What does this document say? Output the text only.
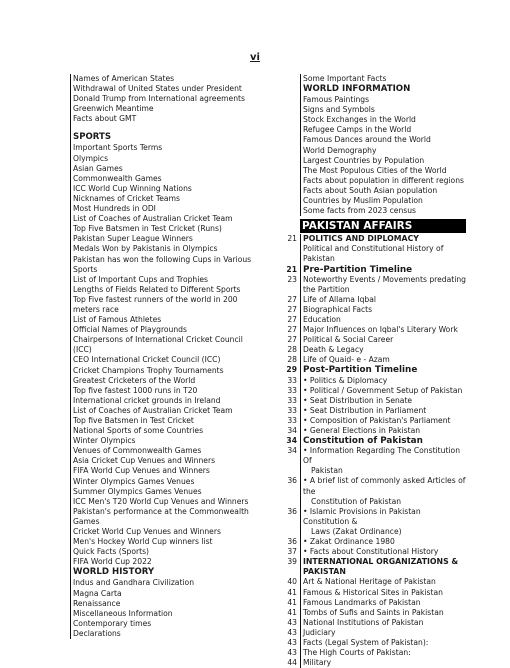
vi
Names of American States
Withdrawal of United States under President
Donald Trump from International agreements
Greenwich Meantime
Facts about GMT
SPORTS
Important Sports Terms
Olympics
Asian Games
Commonwealth Games
ICC World Cup Winning Nations
Nicknames of Cricket Teams
Most Hundreds in ODI
List of Coaches of Australian Cricket Team
Top Five Batsmen in Test Cricket (Runs)
Pakistan Super League Winners
Medals Won by Pakistanis in Olympics
Pakistan has won the following Cups in Various
Sports
List of Important Cups and Trophies
Lengths of Fields Related to Different Sports
Top Five fastest runners of the world in 200
meters race
List of Famous Athletes
Official Names of Playgrounds
Chairpersons of International Cricket Council
(ICC)
CEO International Cricket Council (ICC)
Cricket Champions Trophy Tournaments
Greatest Cricketers of the World
Top five fastest 1000 runs in T20
International cricket grounds in Ireland
List of Coaches of Australian Cricket Team
Top five Batsmen in Test Cricket
National Sports of some Countries
Winter Olympics
Venues of Commonwealth Games
Asia Cricket Cup Venues and Winners
FIFA World Cup Venues and Winners
Winter Olympics Games Venues
Summer Olympics Games Venues
ICC Men's T20 World Cup Venues and Winners
Pakistan's performance at the Commonwealth
Games
Cricket World Cup Venues and Winners
Men's Hockey World Cup winners list
Quick Facts (Sports)
FIFA World Cup 2022
WORLD HISTORY
Indus and Gandhara Civilization
Magna Carta
Renaissance
Miscellaneous Information
Contemporary times
Declarations
Some Important Facts
WORLD INFORMATION
Famous Paintings
Signs and Symbols
Stock Exchanges in the World
Refugee Camps in the World
Famous Dances around the World
World Demography
Largest Countries by Population
The Most Populous Cities of the World
Facts about population in different regions
Facts about South Asian population
Countries by Muslim Population
Some facts from 2023 census
PAKISTAN AFFAIRS
21 POLITICS AND DIPLOMACY
Political and Constitutional History of Pakistan
21 Pre-Partition Timeline
23 Noteworthy Events / Movements predating
the Partition
27 Life of Allama Iqbal
27 Biographical Facts
27 Education
27 Major Influences on Iqbal's Literary Work
27 Political & Social Career
28 Death & Legacy
28 Life of Quaid- e - Azam
29 Post-Partition Timeline
33	• Politics & Diplomacy
33	• Political / Government Setup of Pakistan
33	• Seat Distribution in Senate
33	• Seat Distribution in Parliament
33	• Composition of Pakistan's Parliament
34	• General Elections in Pakistan
34 Constitution of Pakistan
34	• Information Regarding The Constitution Of
Pakistan
36	• A brief list of commonly asked Articles of the
Constitution of Pakistan
36	• Islamic Provisions in Pakistan Constitution &
Laws (Zakat Ordinance)
36	• Zakat Ordinance 1980
37	• Facts about Constitutional History
39 INTERNATIONAL ORGANIZATIONS &
PAKISTAN
40 Art & National Heritage of Pakistan
41 Famous & Historical Sites in Pakistan
41 Famous Landmarks of Pakistan
41 Tombs of Sufis and Saints in Pakistan
43 National Institutions of Pakistan
43 Judiciary
43 Facts (Legal System of Pakistan):
43 The High Courts of Pakistan:
44 Military
